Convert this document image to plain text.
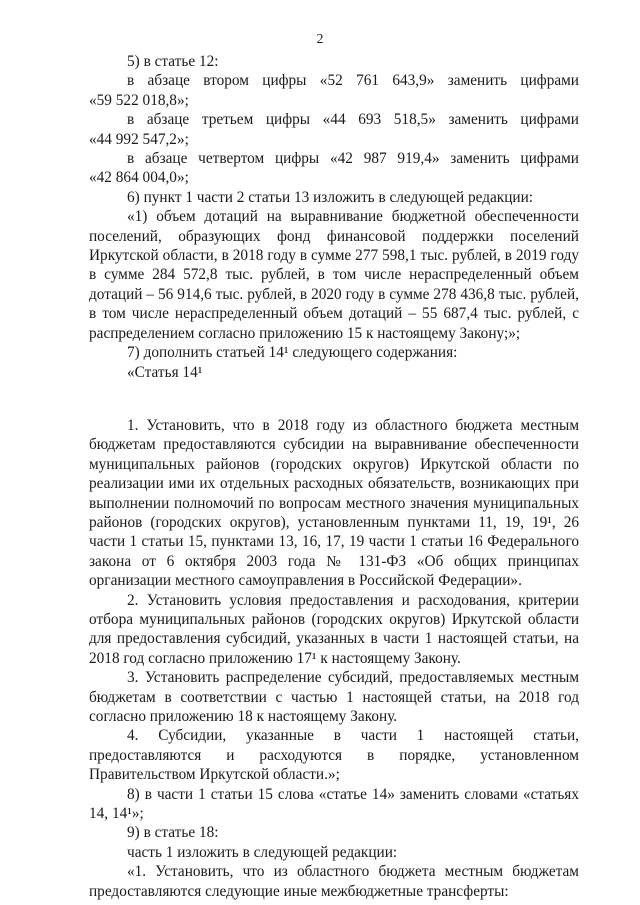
2

5) в статье 12:

в абзаце втором цифры «52 761 643,9» заменить цифрами

«59 522 018,8»;

в абзаце третьем цифры «44 693 518,5» заменить цифрами

«44 992 547,2»;

в абзаце четвертом цифры «42 987 919,4» заменить цифрами

«42 864 004,0»;

6) пункт 1 части 2 статьи 13 изложить в следующей редакции:

«1) объем дотаций на выравнивание бюджетной обеспеченности поселений, образующих фонд финансовой поддержки поселений Иркутской области, в 2018 году в сумме 277 598,1 тыс. рублей, в 2019 году в сумме 284 572,8 тыс. рублей, в том числе нераспределенный объем дотаций – 56 914,6 тыс. рублей, в 2020 году в сумме 278 436,8 тыс. рублей, в том числе нераспределенный объем дотаций – 55 687,4 тыс. рублей, с распределением согласно приложению 15 к настоящему Закону;»;

7) дополнить статьей 14¹ следующего содержания:

«Статья 14¹

1. Установить, что в 2018 году из областного бюджета местным бюджетам предоставляются субсидии на выравнивание обеспеченности муниципальных районов (городских округов) Иркутской области по реализации ими их отдельных расходных обязательств, возникающих при выполнении полномочий по вопросам местного значения муниципальных районов (городских округов), установленным пунктами 11, 19, 19¹, 26 части 1 статьи 15, пунктами 13, 16, 17, 19 части 1 статьи 16 Федерального закона от 6 октября 2003 года № 131-ФЗ «Об общих принципах организации местного самоуправления в Российской Федерации».

2. Установить условия предоставления и расходования, критерии отбора муниципальных районов (городских округов) Иркутской области для предоставления субсидий, указанных в части 1 настоящей статьи, на 2018 год согласно приложению 17¹ к настоящему Закону.

3. Установить распределение субсидий, предоставляемых местным бюджетам в соответствии с частью 1 настоящей статьи, на 2018 год согласно приложению 18 к настоящему Закону.

4. Субсидии, указанные в части 1 настоящей статьи, предоставляются и расходуются в порядке, установленном Правительством Иркутской области.»;

8) в части 1 статьи 15 слова «статье 14» заменить словами «статьях 14, 14¹»;

9) в статье 18:

часть 1 изложить в следующей редакции:

«1. Установить, что из областного бюджета местным бюджетам предоставляются следующие иные межбюджетные трансферты:
